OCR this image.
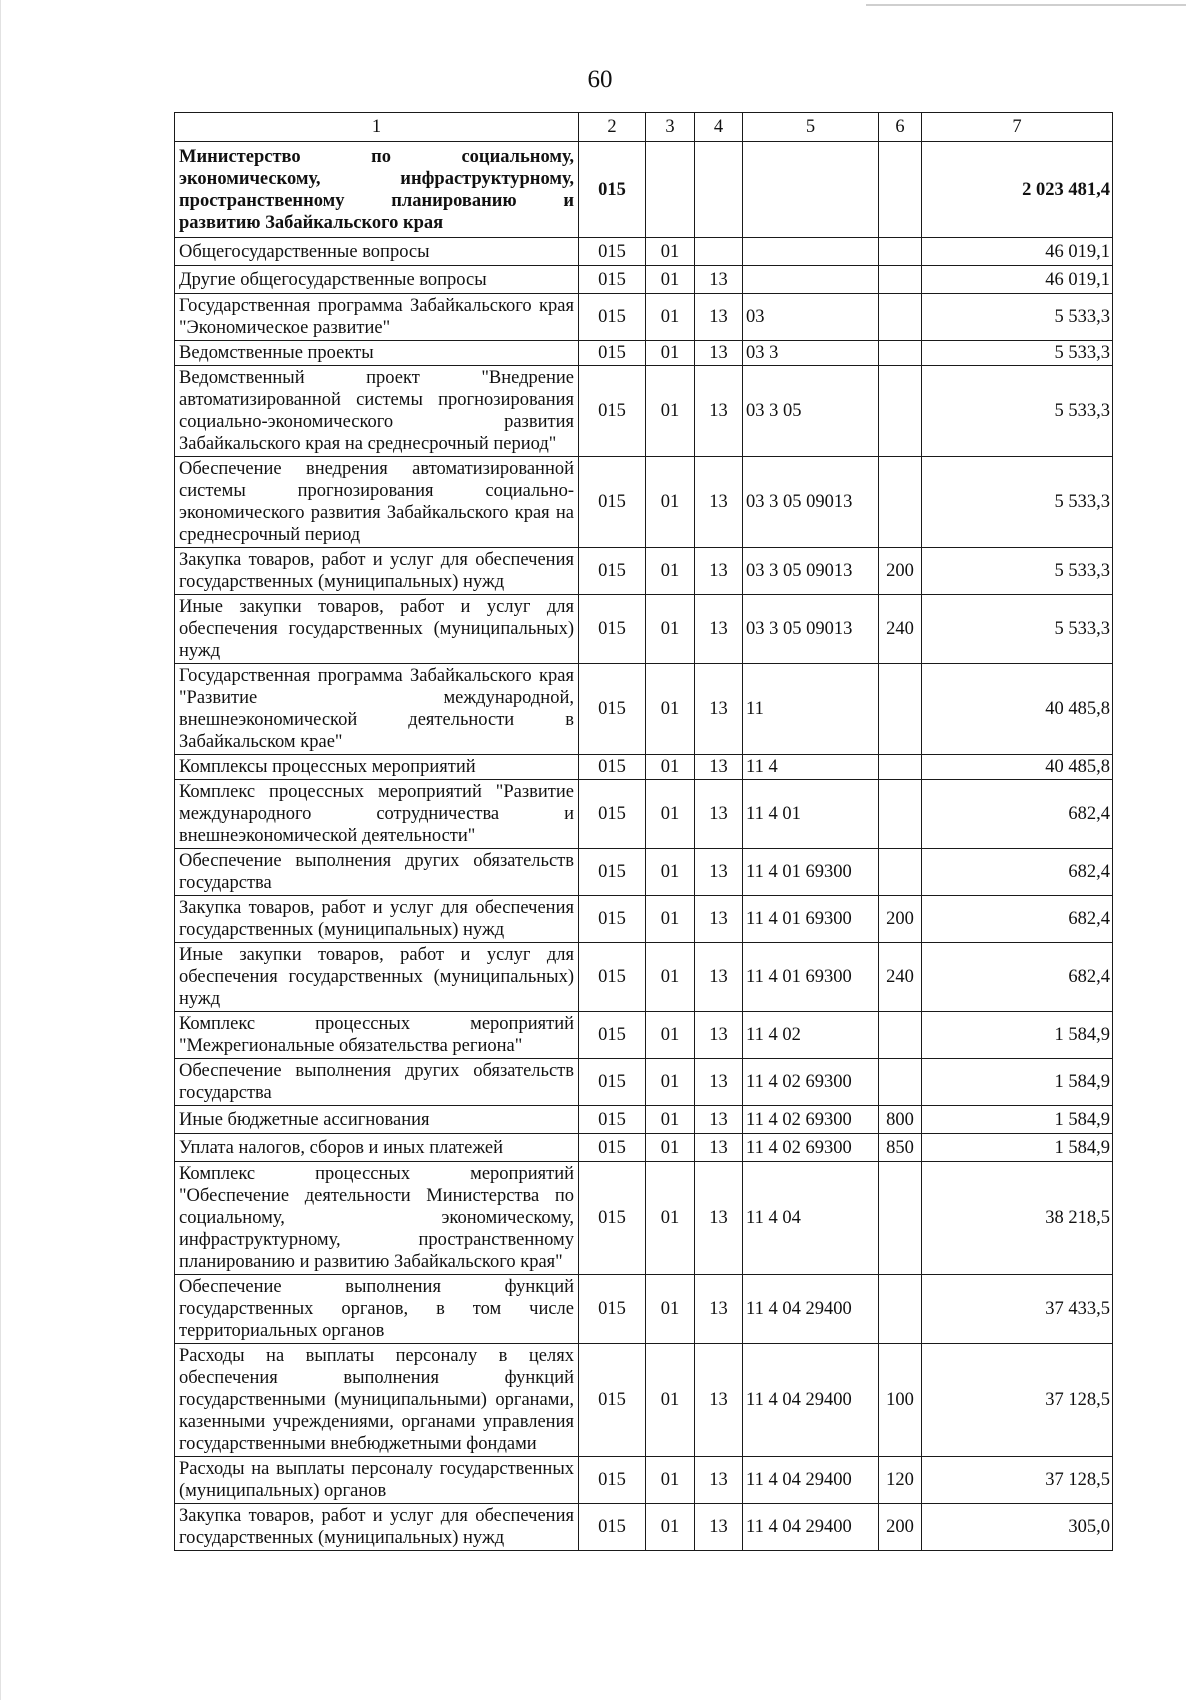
60
1	2	3	4	5	6	7

Министерство по социальному, экономическому, инфраструктурному, пространственному планированию и развитию Забайкальского края	015					2 023 481,4

Общегосударственные вопросы	015	01				46 019,1

Другие общегосударственные вопросы	015	01	13			46 019,1

Государственная программа Забайкальского края "Экономическое развитие"	015	01	13	03		5 533,3

Ведомственные проекты	015	01	13	03 3		5 533,3

Ведомственный проект "Внедрение автоматизированной системы прогнозирования социально-экономического развития Забайкальского края на среднесрочный период"	015	01	13	03 3 05		5 533,3

Обеспечение внедрения автоматизированной системы прогнозирования социально-экономического развития Забайкальского края на среднесрочный период	015	01	13	03 3 05 09013		5 533,3

Закупка товаров, работ и услуг для обеспечения государственных (муниципальных) нужд	015	01	13	03 3 05 09013	200	5 533,3

Иные закупки товаров, работ и услуг для обеспечения государственных (муниципальных) нужд	015	01	13	03 3 05 09013	240	5 533,3

Государственная программа Забайкальского края "Развитие международной, внешнеэкономической деятельности в Забайкальском крае"	015	01	13	11		40 485,8

Комплексы процессных мероприятий	015	01	13	11 4		40 485,8

Комплекс процессных мероприятий "Развитие международного сотрудничества и внешнеэкономической деятельности"	015	01	13	11 4 01		682,4

Обеспечение выполнения других обязательств государства	015	01	13	11 4 01 69300		682,4

Закупка товаров, работ и услуг для обеспечения государственных (муниципальных) нужд	015	01	13	11 4 01 69300	200	682,4

Иные закупки товаров, работ и услуг для обеспечения государственных (муниципальных) нужд	015	01	13	11 4 01 69300	240	682,4

Комплекс процессных мероприятий "Межрегиональные обязательства региона"	015	01	13	11 4 02		1 584,9

Обеспечение выполнения других обязательств государства	015	01	13	11 4 02 69300		1 584,9

Иные бюджетные ассигнования	015	01	13	11 4 02 69300	800	1 584,9

Уплата налогов, сборов и иных платежей	015	01	13	11 4 02 69300	850	1 584,9

Комплекс процессных мероприятий "Обеспечение деятельности Министерства по социальному, экономическому, инфраструктурному, пространственному планированию и развитию Забайкальского края"	015	01	13	11 4 04		38 218,5

Обеспечение выполнения функций государственных органов, в том числе территориальных органов	015	01	13	11 4 04 29400		37 433,5

Расходы на выплаты персоналу в целях обеспечения выполнения функций государственными (муниципальными) органами, казенными учреждениями, органами управления государственными внебюджетными фондами	015	01	13	11 4 04 29400	100	37 128,5

Расходы на выплаты персоналу государственных (муниципальных) органов	015	01	13	11 4 04 29400	120	37 128,5

Закупка товаров, работ и услуг для обеспечения государственных (муниципальных) нужд	015	01	13	11 4 04 29400	200	305,0
